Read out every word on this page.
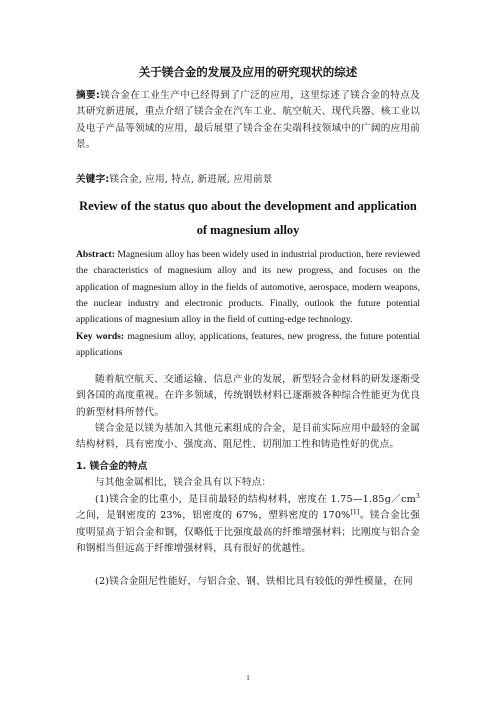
关于镁合金的发展及应用的研究现状的综述
摘要:镁合金在工业生产中已经得到了广泛的应用，这里综述了镁合金的特点及其研究新进展，重点介绍了镁合金在汽车工业、航空航天、现代兵器、核工业以及电子产品等领域的应用，最后展望了镁合金在尖端科技领域中的广阔的应用前景。
关键字:镁合金, 应用, 特点, 新进展, 应用前景
Review of the status quo about the development and application of magnesium alloy
Abstract: Magnesium alloy has been widely used in industrial production, here reviewed the characteristics of magnesium alloy and its new progress, and focuses on the application of magnesium alloy in the fields of automotive, aerospace, modern weapons, the nuclear industry and electronic products. Finally, outlook the future potential applications of magnesium alloy in the field of cutting-edge technology.
Key words: magnesium alloy, applications, features, new progress, the future potential applications
随着航空航天、交通运输、信息产业的发展，新型轻合金材料的研发逐渐受到各国的高度重视。在许多领域，传统钢铁材料已逐渐被各种综合性能更为优良的新型材料所替代。
镁合金是以镁为基加入其他元素组成的合金，是目前实际应用中最轻的金属结构材料，具有密度小、强度高、阻尼性、切削加工性和铸造性好的优点。
1. 镁合金的特点
与其他金属相比，镁合金具有以下特点：
(1)镁合金的比重小，是目前最轻的结构材料，密度在 $1.75—1.85g/cm^3$之间，是钢密度的 23%，铝密度的 67%，塑料密度的 170%[1]。镁合金比强度明显高于铝合金和钢，仅略低于比强度最高的纤维增强材料；比刚度与铝合金和钢相当但远高于纤维增强材料，具有很好的优越性。
(2)镁合金阻尼性能好，与铝合金、钢、铁相比具有较低的弹性模量，在同
1
